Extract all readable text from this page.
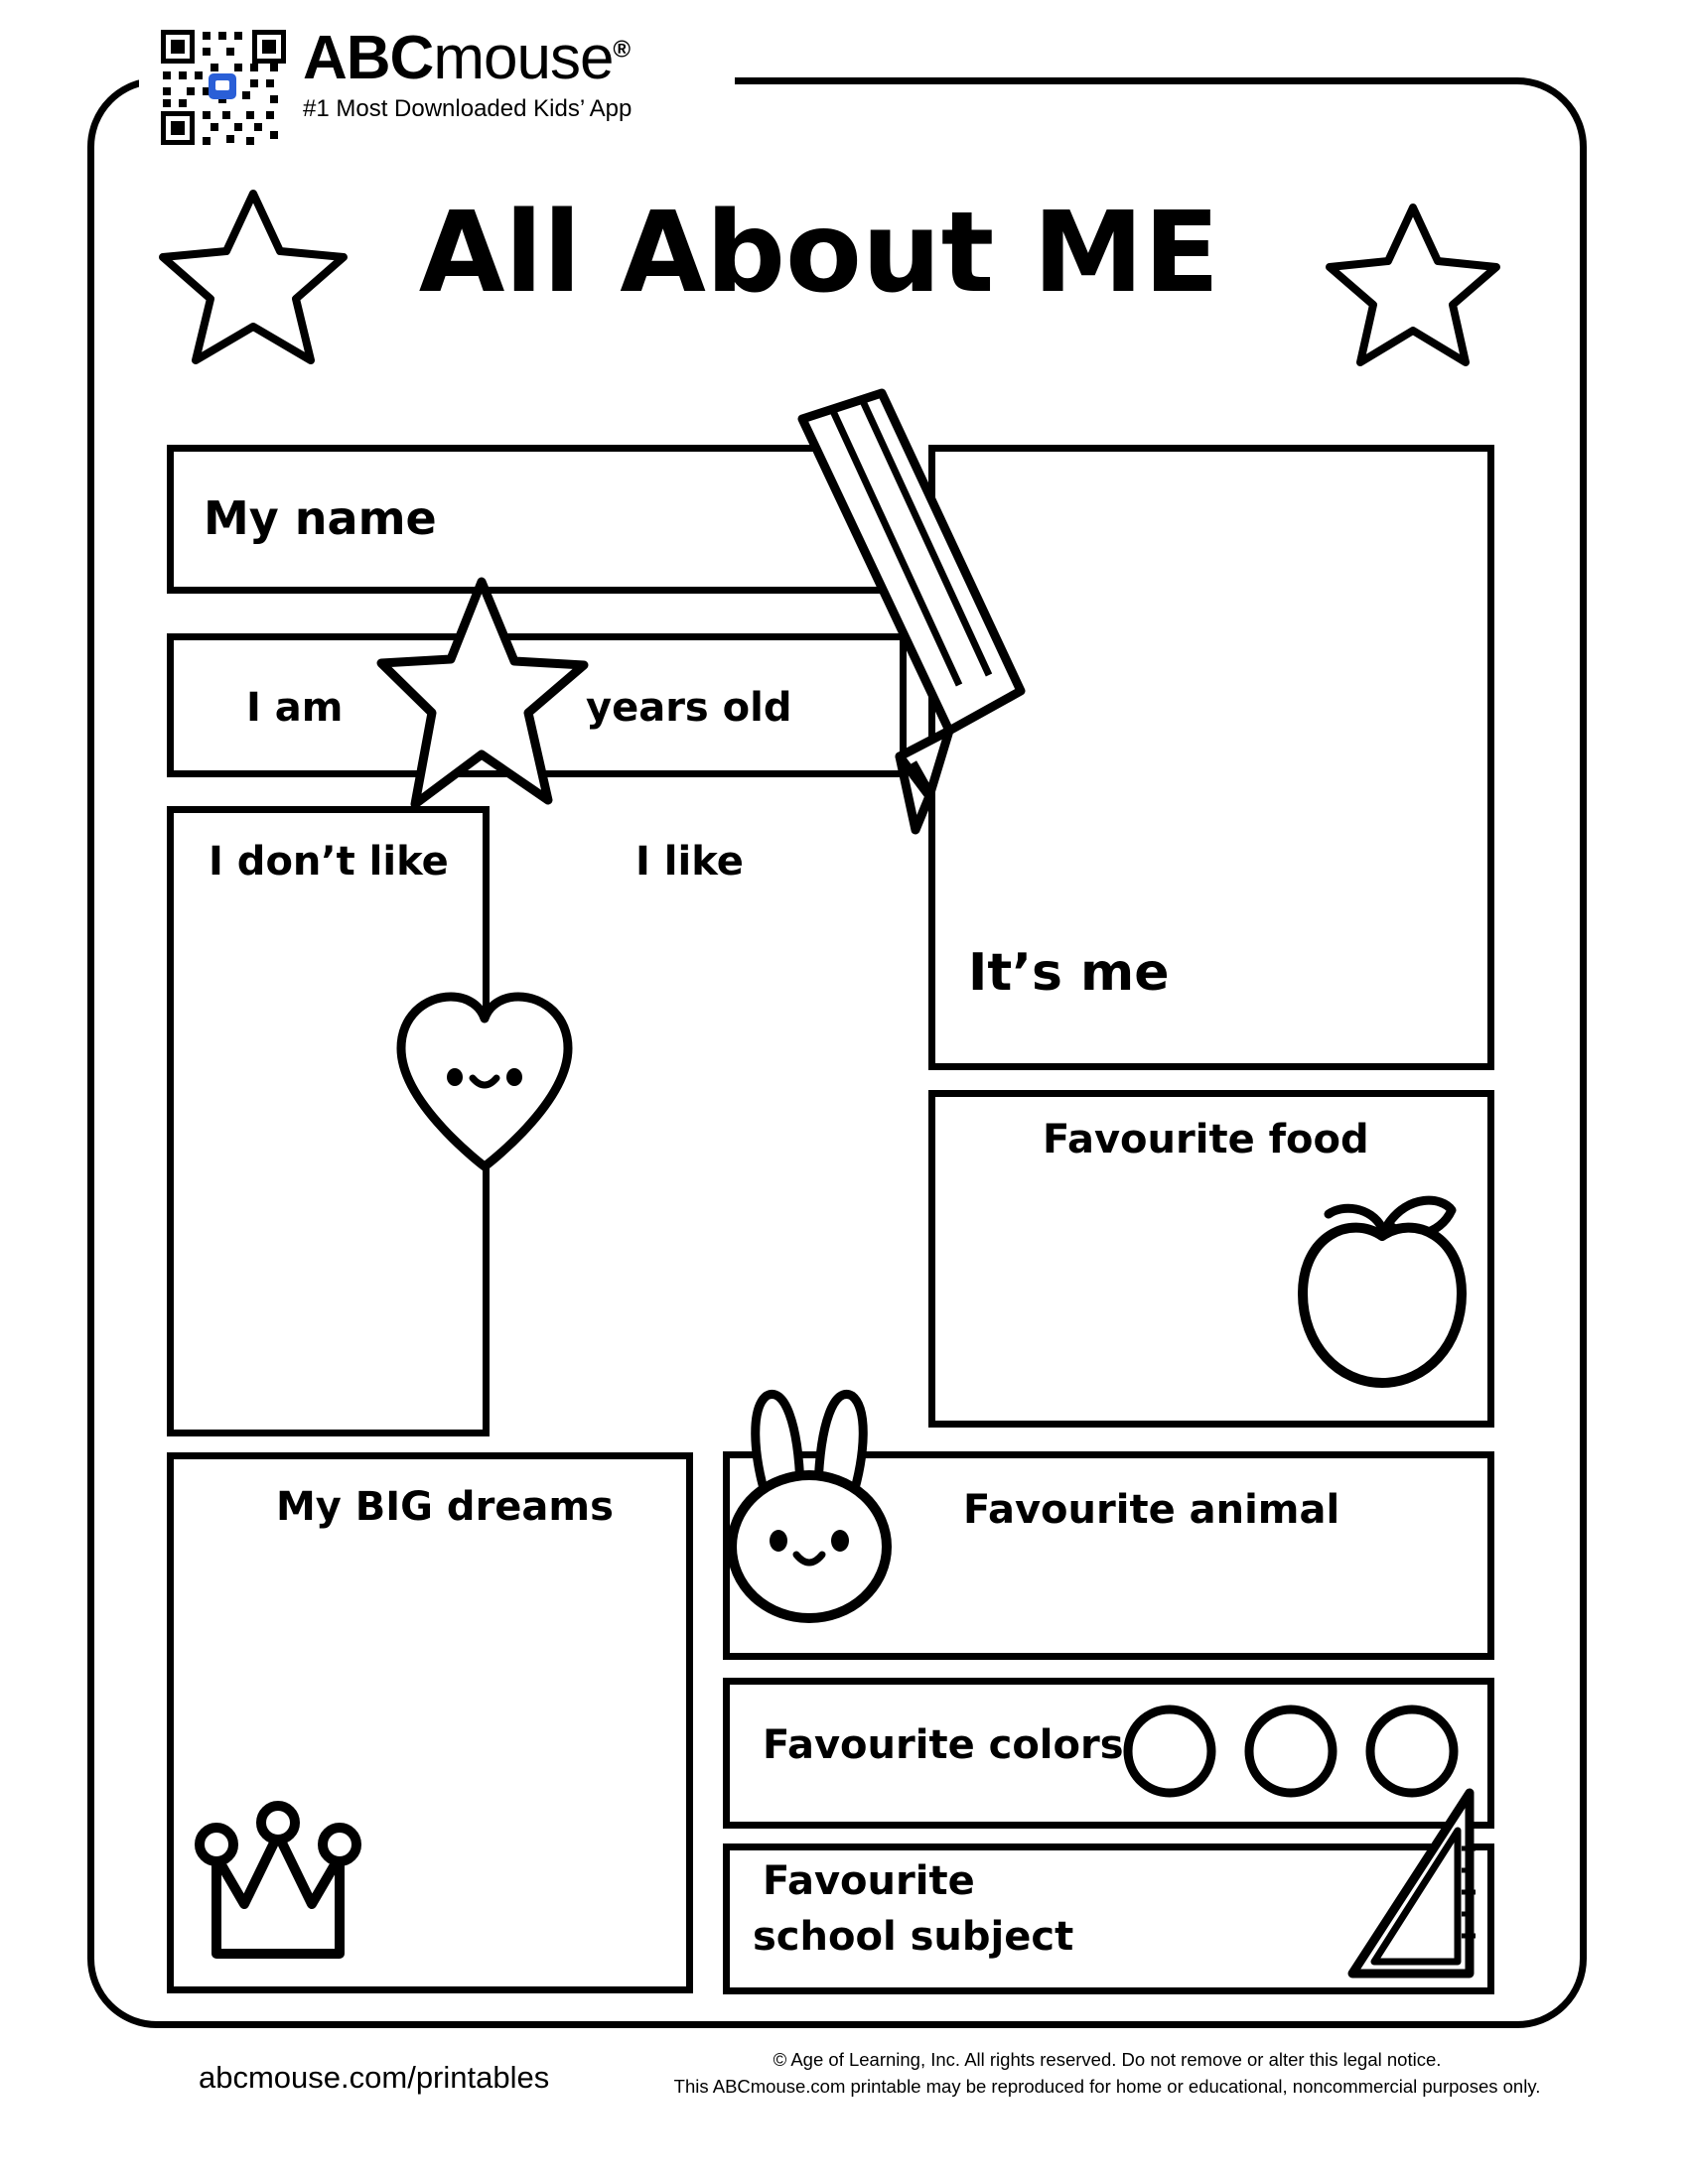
ABCmouse®
#1 Most Downloaded Kids’ App
All About ME
My name
I am	years old
I don’t like	I like
My BIG dreams
It’s me
Favourite food
Favourite animal
Favourite colors
Favourite
school subject
abcmouse.com/printables
© Age of Learning, Inc. All rights reserved. Do not remove or alter this legal notice.
This ABCmouse.com printable may be reproduced for home or educational, noncommercial purposes only.
